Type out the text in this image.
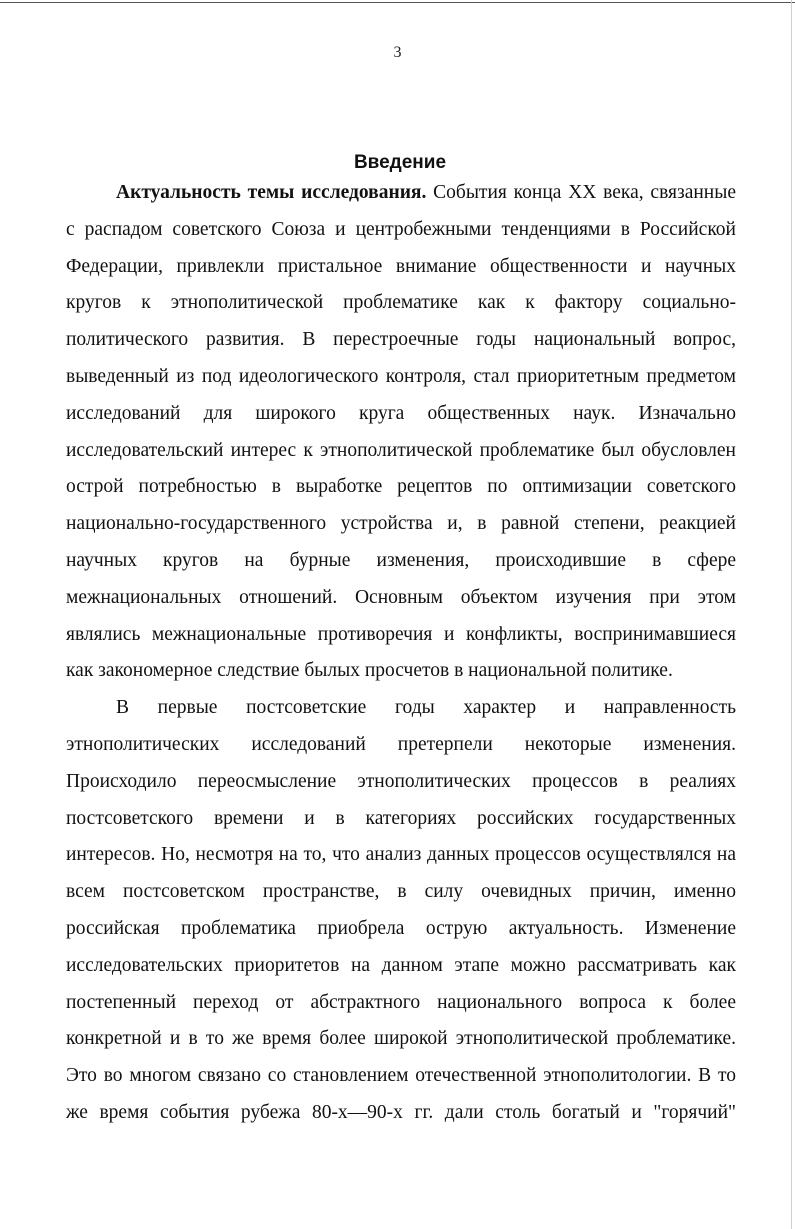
3
Введение
Актуальность темы исследования. События конца XX века, связанные
с распадом советского Союза и центробежными тенденциями в Российской
Федерации, привлекли пристальное внимание общественности и научных
кругов к этнополитической проблематике как к фактору социально-
политического развития. В перестроечные годы национальный вопрос,
выведенный из под идеологического контроля, стал приоритетным предметом
исследований для широкого круга общественных наук. Изначально
исследовательский интерес к этнополитической проблематике был обусловлен
острой потребностью в выработке рецептов по оптимизации советского
национально-государственного устройства и, в равной степени, реакцией
научных кругов на бурные изменения, происходившие в сфере
межнациональных отношений. Основным объектом изучения при этом
являлись межнациональные противоречия и конфликты, воспринимавшиеся
как закономерное следствие былых просчетов в национальной политике.
В первые постсоветские годы характер и направленность
этнополитических исследований претерпели некоторые изменения.
Происходило переосмысление этнополитических процессов в реалиях
постсоветского времени и в категориях российских государственных
интересов. Но, несмотря на то, что анализ данных процессов осуществлялся на
всем постсоветском пространстве, в силу очевидных причин, именно
российская проблематика приобрела острую актуальность. Изменение
исследовательских приоритетов на данном этапе можно рассматривать как
постепенный переход от абстрактного национального вопроса к более
конкретной и в то же время более широкой этнополитической проблематике.
Это во многом связано со становлением отечественной этнополитологии. В то
же время события рубежа 80-х—90-х гг. дали столь богатый и "горячий"
